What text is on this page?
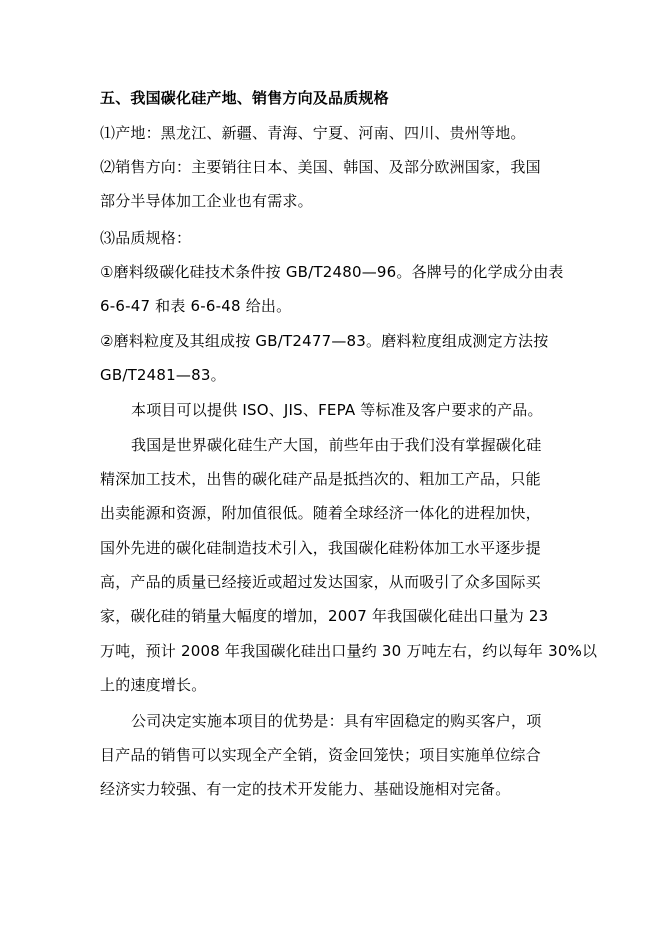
五、我国碳化硅产地、销售方向及品质规格
⑴产地：黑龙江、新疆、青海、宁夏、河南、四川、贵州等地。
⑵销售方向：主要销往日本、美国、韩国、及部分欧洲国家，我国
部分半导体加工企业也有需求。
⑶品质规格：
①磨料级碳化硅技术条件按 GB/T2480—96。各牌号的化学成分由表
6-6-47 和表 6-6-48 给出。
②磨料粒度及其组成按 GB/T2477—83。磨料粒度组成测定方法按
GB/T2481—83。
本项目可以提供 ISO、JIS、FEPA 等标准及客户要求的产品。
我国是世界碳化硅生产大国，前些年由于我们没有掌握碳化硅
精深加工技术，出售的碳化硅产品是抵挡次的、粗加工产品，只能
出卖能源和资源，附加值很低。随着全球经济一体化的进程加快，
国外先进的碳化硅制造技术引入，我国碳化硅粉体加工水平逐步提
高，产品的质量已经接近或超过发达国家，从而吸引了众多国际买
家，碳化硅的销量大幅度的增加，2007 年我国碳化硅出口量为 23
万吨，预计 2008 年我国碳化硅出口量约 30 万吨左右，约以每年 30%以
上的速度增长。
公司决定实施本项目的优势是：具有牢固稳定的购买客户，项
目产品的销售可以实现全产全销，资金回笼快；项目实施单位综合
经济实力较强、有一定的技术开发能力、基础设施相对完备。
